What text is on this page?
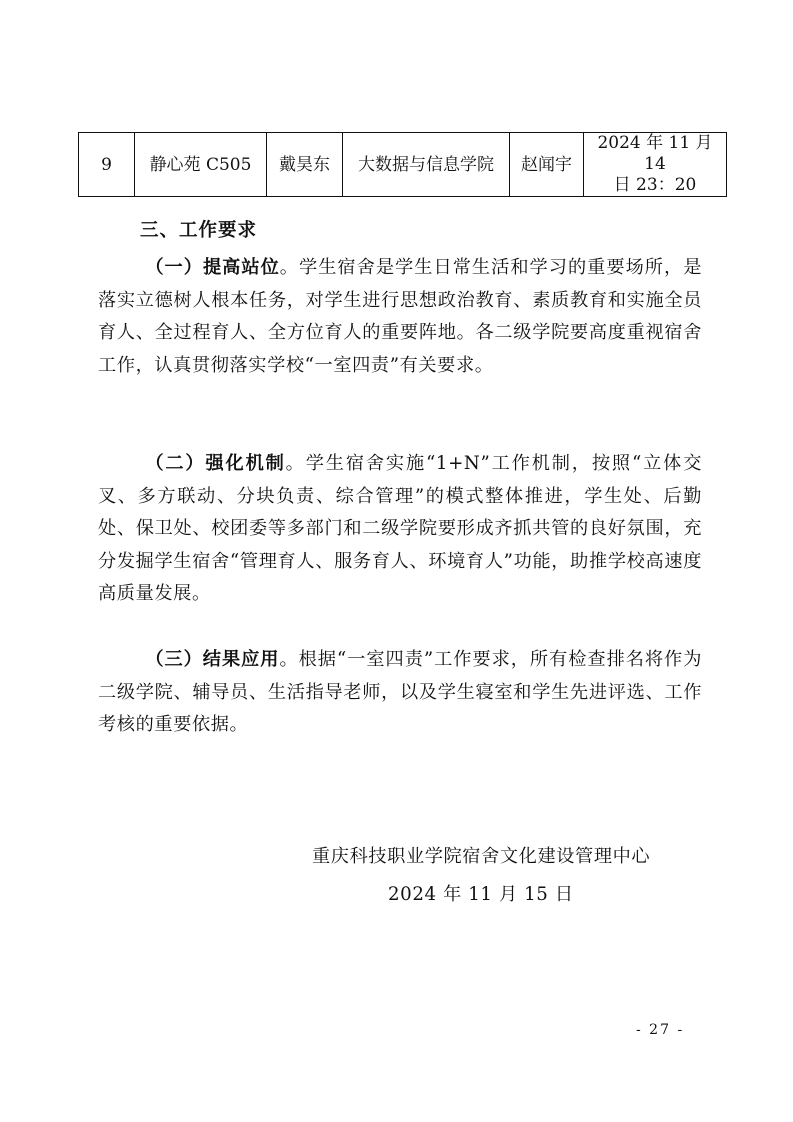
9	静心苑 C505	戴昊东	大数据与信息学院	赵闻宇	2024 年 11 月 14
日 23：20
三、工作要求

（一）提高站位。学生宿舍是学生日常生活和学习的重要场所，是落实立德树人根本任务，对学生进行思想政治教育、素质教育和实施全员育人、全过程育人、全方位育人的重要阵地。各二级学院要高度重视宿舍工作，认真贯彻落实学校“一室四责”有关要求。

（二）强化机制。学生宿舍实施“1+N”工作机制，按照“立体交叉、多方联动、分块负责、综合管理”的模式整体推进，学生处、后勤处、保卫处、校团委等多部门和二级学院要形成齐抓共管的良好氛围，充分发掘学生宿舍“管理育人、服务育人、环境育人”功能，助推学校高速度高质量发展。

（三）结果应用。根据“一室四责”工作要求，所有检查排名将作为二级学院、辅导员、生活指导老师，以及学生寝室和学生先进评选、工作考核的重要依据。

重庆科技职业学院宿舍文化建设管理中心
2024 年 11 月 15 日
- 27 -
